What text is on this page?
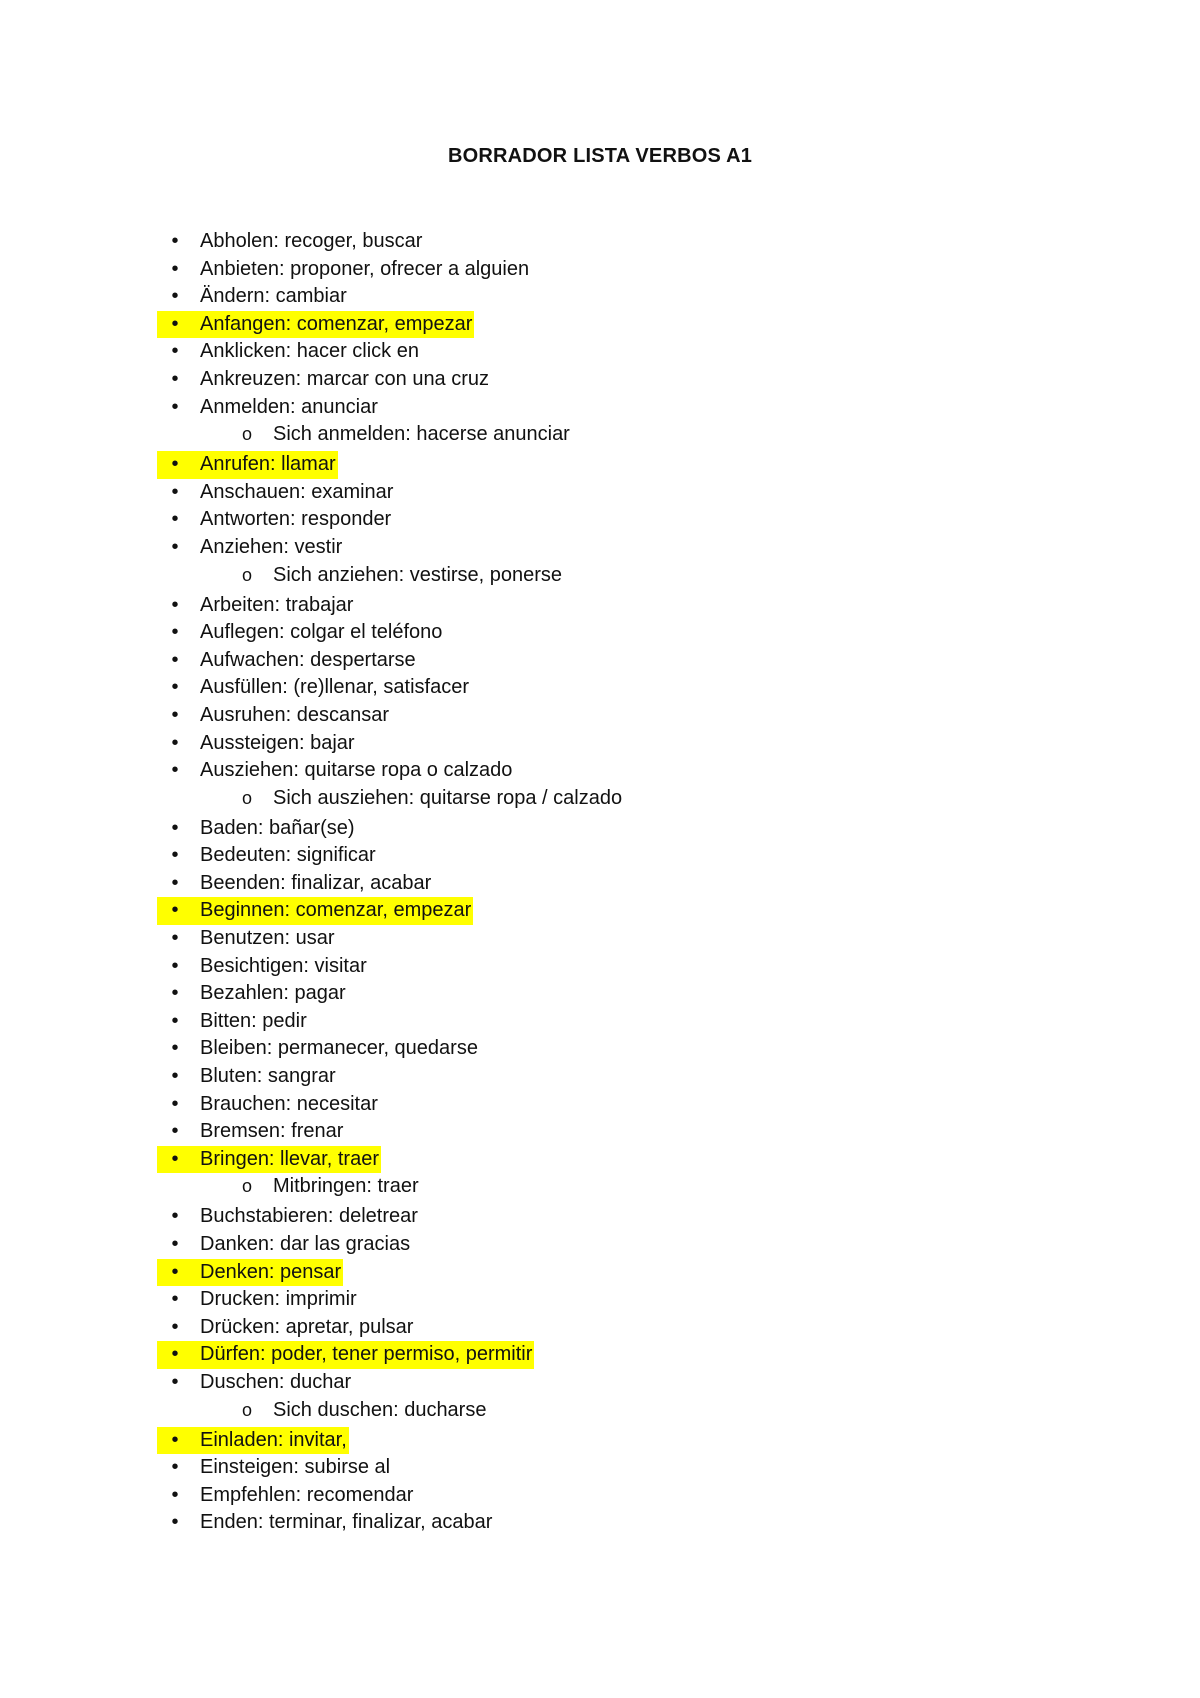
BORRADOR LISTA VERBOS A1
• Abholen: recoger, buscar
• Anbieten: proponer, ofrecer a alguien
• Ändern: cambiar
• Anfangen: comenzar, empezar
• Anklicken: hacer click en
• Ankreuzen: marcar con una cruz
• Anmelden: anunciar
o Sich anmelden: hacerse anunciar
• Anrufen: llamar
• Anschauen: examinar
• Antworten: responder
• Anziehen: vestir
o Sich anziehen: vestirse, ponerse
• Arbeiten: trabajar
• Auflegen: colgar el teléfono
• Aufwachen: despertarse
• Ausfüllen: (re)llenar, satisfacer
• Ausruhen: descansar
• Aussteigen: bajar
• Ausziehen: quitarse ropa o calzado
o Sich ausziehen: quitarse ropa / calzado
• Baden: bañar(se)
• Bedeuten: significar
• Beenden: finalizar, acabar
• Beginnen: comenzar, empezar
• Benutzen: usar
• Besichtigen: visitar
• Bezahlen: pagar
• Bitten: pedir
• Bleiben: permanecer, quedarse
• Bluten: sangrar
• Brauchen: necesitar
• Bremsen: frenar
• Bringen: llevar, traer
o Mitbringen: traer
• Buchstabieren: deletrear
• Danken: dar las gracias
• Denken: pensar
• Drucken: imprimir
• Drücken: apretar, pulsar
• Dürfen: poder, tener permiso, permitir
• Duschen: duchar
o Sich duschen: ducharse
• Einladen: invitar,
• Einsteigen: subirse al
• Empfehlen: recomendar
• Enden: terminar, finalizar, acabar
